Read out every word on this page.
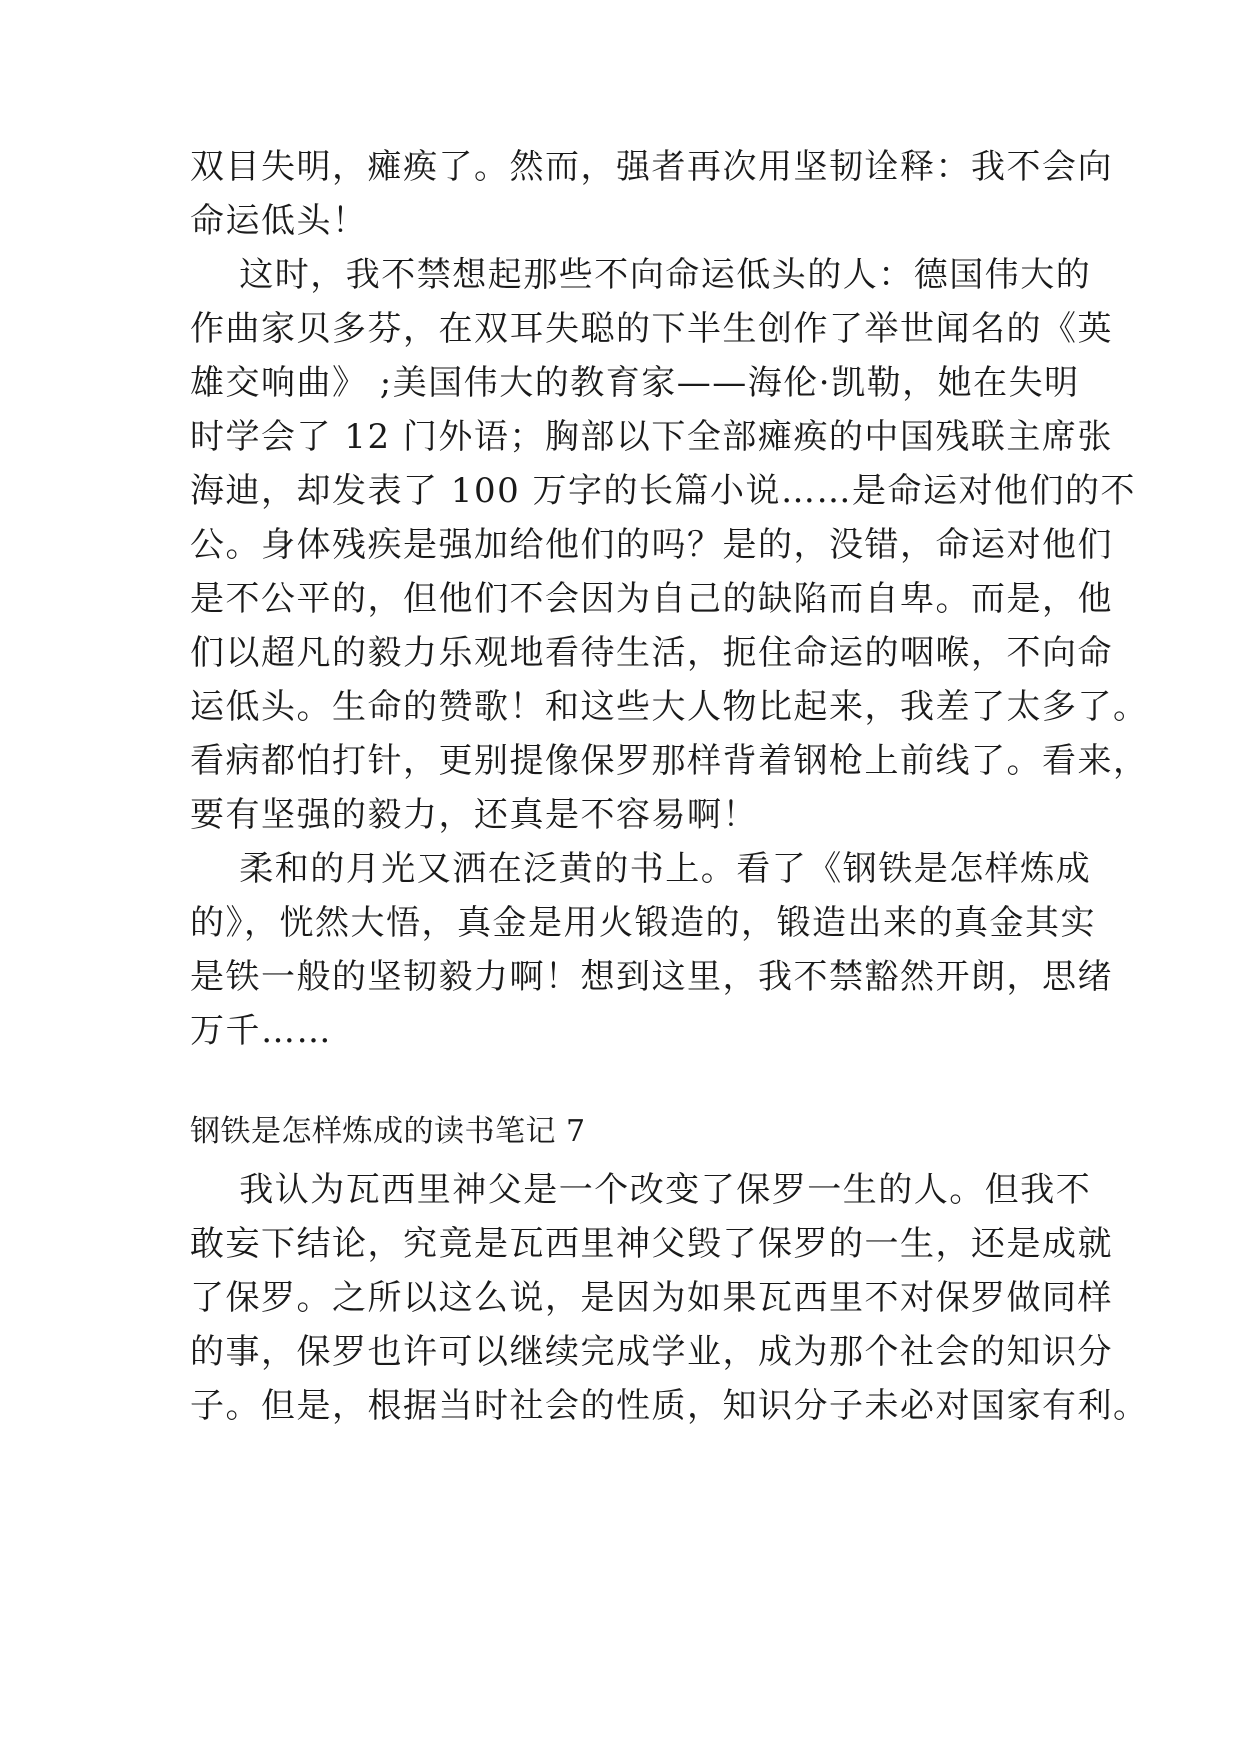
双目失明，瘫痪了。然而，强者再次用坚韧诠释：我不会向
命运低头！
这时，我不禁想起那些不向命运低头的人：德国伟大的
作曲家贝多芬，在双耳失聪的下半生创作了举世闻名的《英
雄交响曲》 ;美国伟大的教育家——海伦·凯勒，她在失明
时学会了 12 门外语；胸部以下全部瘫痪的中国残联主席张
海迪，却发表了 100 万字的长篇小说……是命运对他们的不
公。身体残疾是强加给他们的吗？是的，没错，命运对他们
是不公平的，但他们不会因为自己的缺陷而自卑。而是，他
们以超凡的毅力乐观地看待生活，扼住命运的咽喉，不向命
运低头。生命的赞歌！和这些大人物比起来，我差了太多了。
看病都怕打针，更别提像保罗那样背着钢枪上前线了。看来，
要有坚强的毅力，还真是不容易啊！
柔和的月光又洒在泛黄的书上。看了《钢铁是怎样炼成
的》，恍然大悟，真金是用火锻造的，锻造出来的真金其实
是铁一般的坚韧毅力啊！想到这里，我不禁豁然开朗，思绪
万千……
钢铁是怎样炼成的读书笔记 7
我认为瓦西里神父是一个改变了保罗一生的人。但我不
敢妄下结论，究竟是瓦西里神父毁了保罗的一生，还是成就
了保罗。之所以这么说，是因为如果瓦西里不对保罗做同样
的事，保罗也许可以继续完成学业，成为那个社会的知识分
子。但是，根据当时社会的性质，知识分子未必对国家有利。
